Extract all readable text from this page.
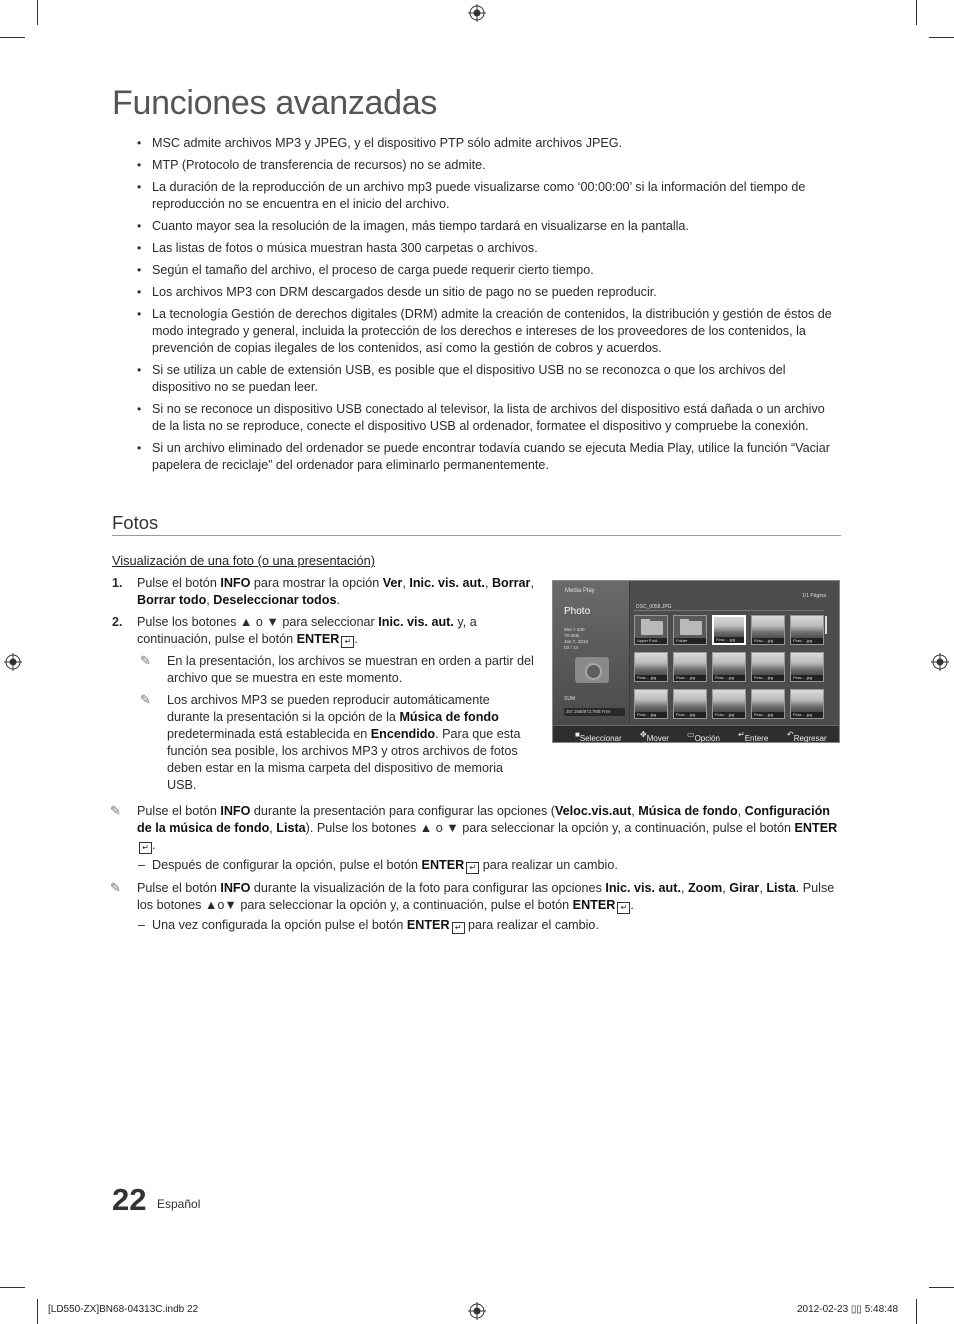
Funciones avanzadas
• MSC admite archivos MP3 y JPEG, y el dispositivo PTP sólo admite archivos JPEG.
• MTP (Protocolo de transferencia de recursos) no se admite.
• La duración de la reproducción de un archivo mp3 puede visualizarse como ‘00:00:00’ si la información del tiempo de reproducción no se encuentra en el inicio del archivo.
• Cuanto mayor sea la resolución de la imagen, más tiempo tardará en visualizarse en la pantalla.
• Las listas de fotos o música muestran hasta 300 carpetas o archivos.
• Según el tamaño del archivo, el proceso de carga puede requerir cierto tiempo.
• Los archivos MP3 con DRM descargados desde un sitio de pago no se pueden reproducir.
• La tecnología Gestión de derechos digitales (DRM) admite la creación de contenidos, la distribución y gestión de éstos de modo integrado y general, incluida la protección de los derechos e intereses de los proveedores de los contenidos, la prevención de copias ilegales de los contenidos, así como la gestión de cobros y acuerdos.
• Si se utiliza un cable de extensión USB, es posible que el dispositivo USB no se reconozca o que los archivos del dispositivo no se puedan leer.
• Si no se reconoce un dispositivo USB conectado al televisor, la lista de archivos del dispositivo está dañada o un archivo de la lista no se reproduce, conecte el dispositivo USB al ordenador, formatee el dispositivo y compruebe la conexión.
• Si un archivo eliminado del ordenador se puede encontrar todavía cuando se ejecuta Media Play, utilice la función “Vaciar papelera de reciclaje” del ordenador para eliminarlo permanentemente.
Fotos
Visualización de una foto (o una presentación)
1. Pulse el botón INFO para mostrar la opción Ver, Inic. vis. aut., Borrar, Borrar todo, Deseleccionar todos.
2. Pulse los botones ▲ o ▼ para seleccionar Inic. vis. aut. y, a continuación, pulse el botón ENTER ↵ .
✎ En la presentación, los archivos se muestran en orden a partir del archivo que se muestra en este momento.
✎ Los archivos MP3 se pueden reproducir automáticamente durante la presentación si la opción de la Música de fondo predeterminada está establecida en Encendido. Para que esta función sea posible, los archivos MP3 y otros archivos de fotos deben estar en la misma carpeta del dispositivo de memoria USB.
Media Play
Photo
550 × 440
79.6KB
Jan 7, 2010
03 / 14
SUM
387.2MB/973.7MB Free
1/1 Página
DSC_0058.JPG
Upper Fold...	Folder	Flow... .jpg	Flow... .jpg	Flow... .jpg
Flow... .jpg	Flow... .jpg	Flow... .jpg	Flow... .jpg	Flow... .jpg
Flow... .jpg	Flow... .jpg	Flow... .jpg	Flow... .jpg	Flow... .jpg
■ Seleccionar ✥ Mover ▭ Opción ↵ Entere ↶ Regresar
✎ Pulse el botón INFO durante la presentación para configurar las opciones (Veloc.vis.aut, Música de fondo, Configuración de la música de fondo, Lista). Pulse los botones ▲ o ▼ para seleccionar la opción y, a continuación, pulse el botón ENTER↵ .
– Después de configurar la opción, pulse el botón ENTER ↵ para realizar un cambio.
✎ Pulse el botón INFO durante la visualización de la foto para configurar las opciones Inic. vis. aut., Zoom, Girar, Lista. Pulse los botones ▲o▼ para seleccionar la opción y, a continuación, pulse el botón ENTER ↵ .
– Una vez configurada la opción pulse el botón ENTER ↵ para realizar el cambio.
22 Español
[LD550-ZX]BN68-04313C.indb 22	2012-02-23 ▯▯ 5:48:48
